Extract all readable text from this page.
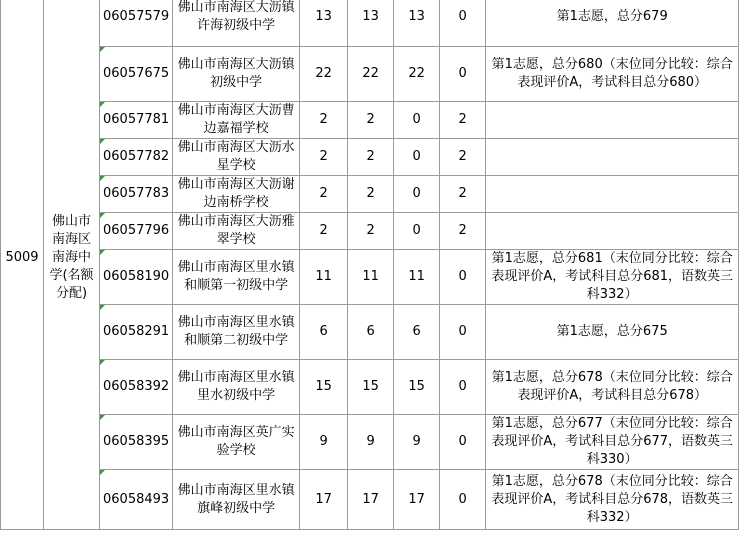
5009	佛山市南海区南海中学(名额分配)	06057579	佛山市南海区大沥镇许海初级中学	13	13	13	0	第1志愿，总分679
		06057675	佛山市南海区大沥镇初级中学	22	22	22	0	第1志愿，总分680（末位同分比较：综合表现评价A，考试科目总分680）
		06057781	佛山市南海区大沥曹边嘉福学校	2	2	0	2	
		06057782	佛山市南海区大沥水星学校	2	2	0	2	
		06057783	佛山市南海区大沥谢边南桥学校	2	2	0	2	
		06057796	佛山市南海区大沥雅翠学校	2	2	0	2	
		06058190	佛山市南海区里水镇和顺第一初级中学	11	11	11	0	第1志愿，总分681（末位同分比较：综合表现评价A，考试科目总分681，语数英三科332）
		06058291	佛山市南海区里水镇和顺第二初级中学	6	6	6	0	第1志愿，总分675
		06058392	佛山市南海区里水镇里水初级中学	15	15	15	0	第1志愿，总分678（末位同分比较：综合表现评价A，考试科目总分678）
		06058395	佛山市南海区英广实验学校	9	9	9	0	第1志愿，总分677（末位同分比较：综合表现评价A，考试科目总分677，语数英三科330）
		06058493	佛山市南海区里水镇旗峰初级中学	17	17	17	0	第1志愿，总分678（末位同分比较：综合表现评价A，考试科目总分678，语数英三科332）
